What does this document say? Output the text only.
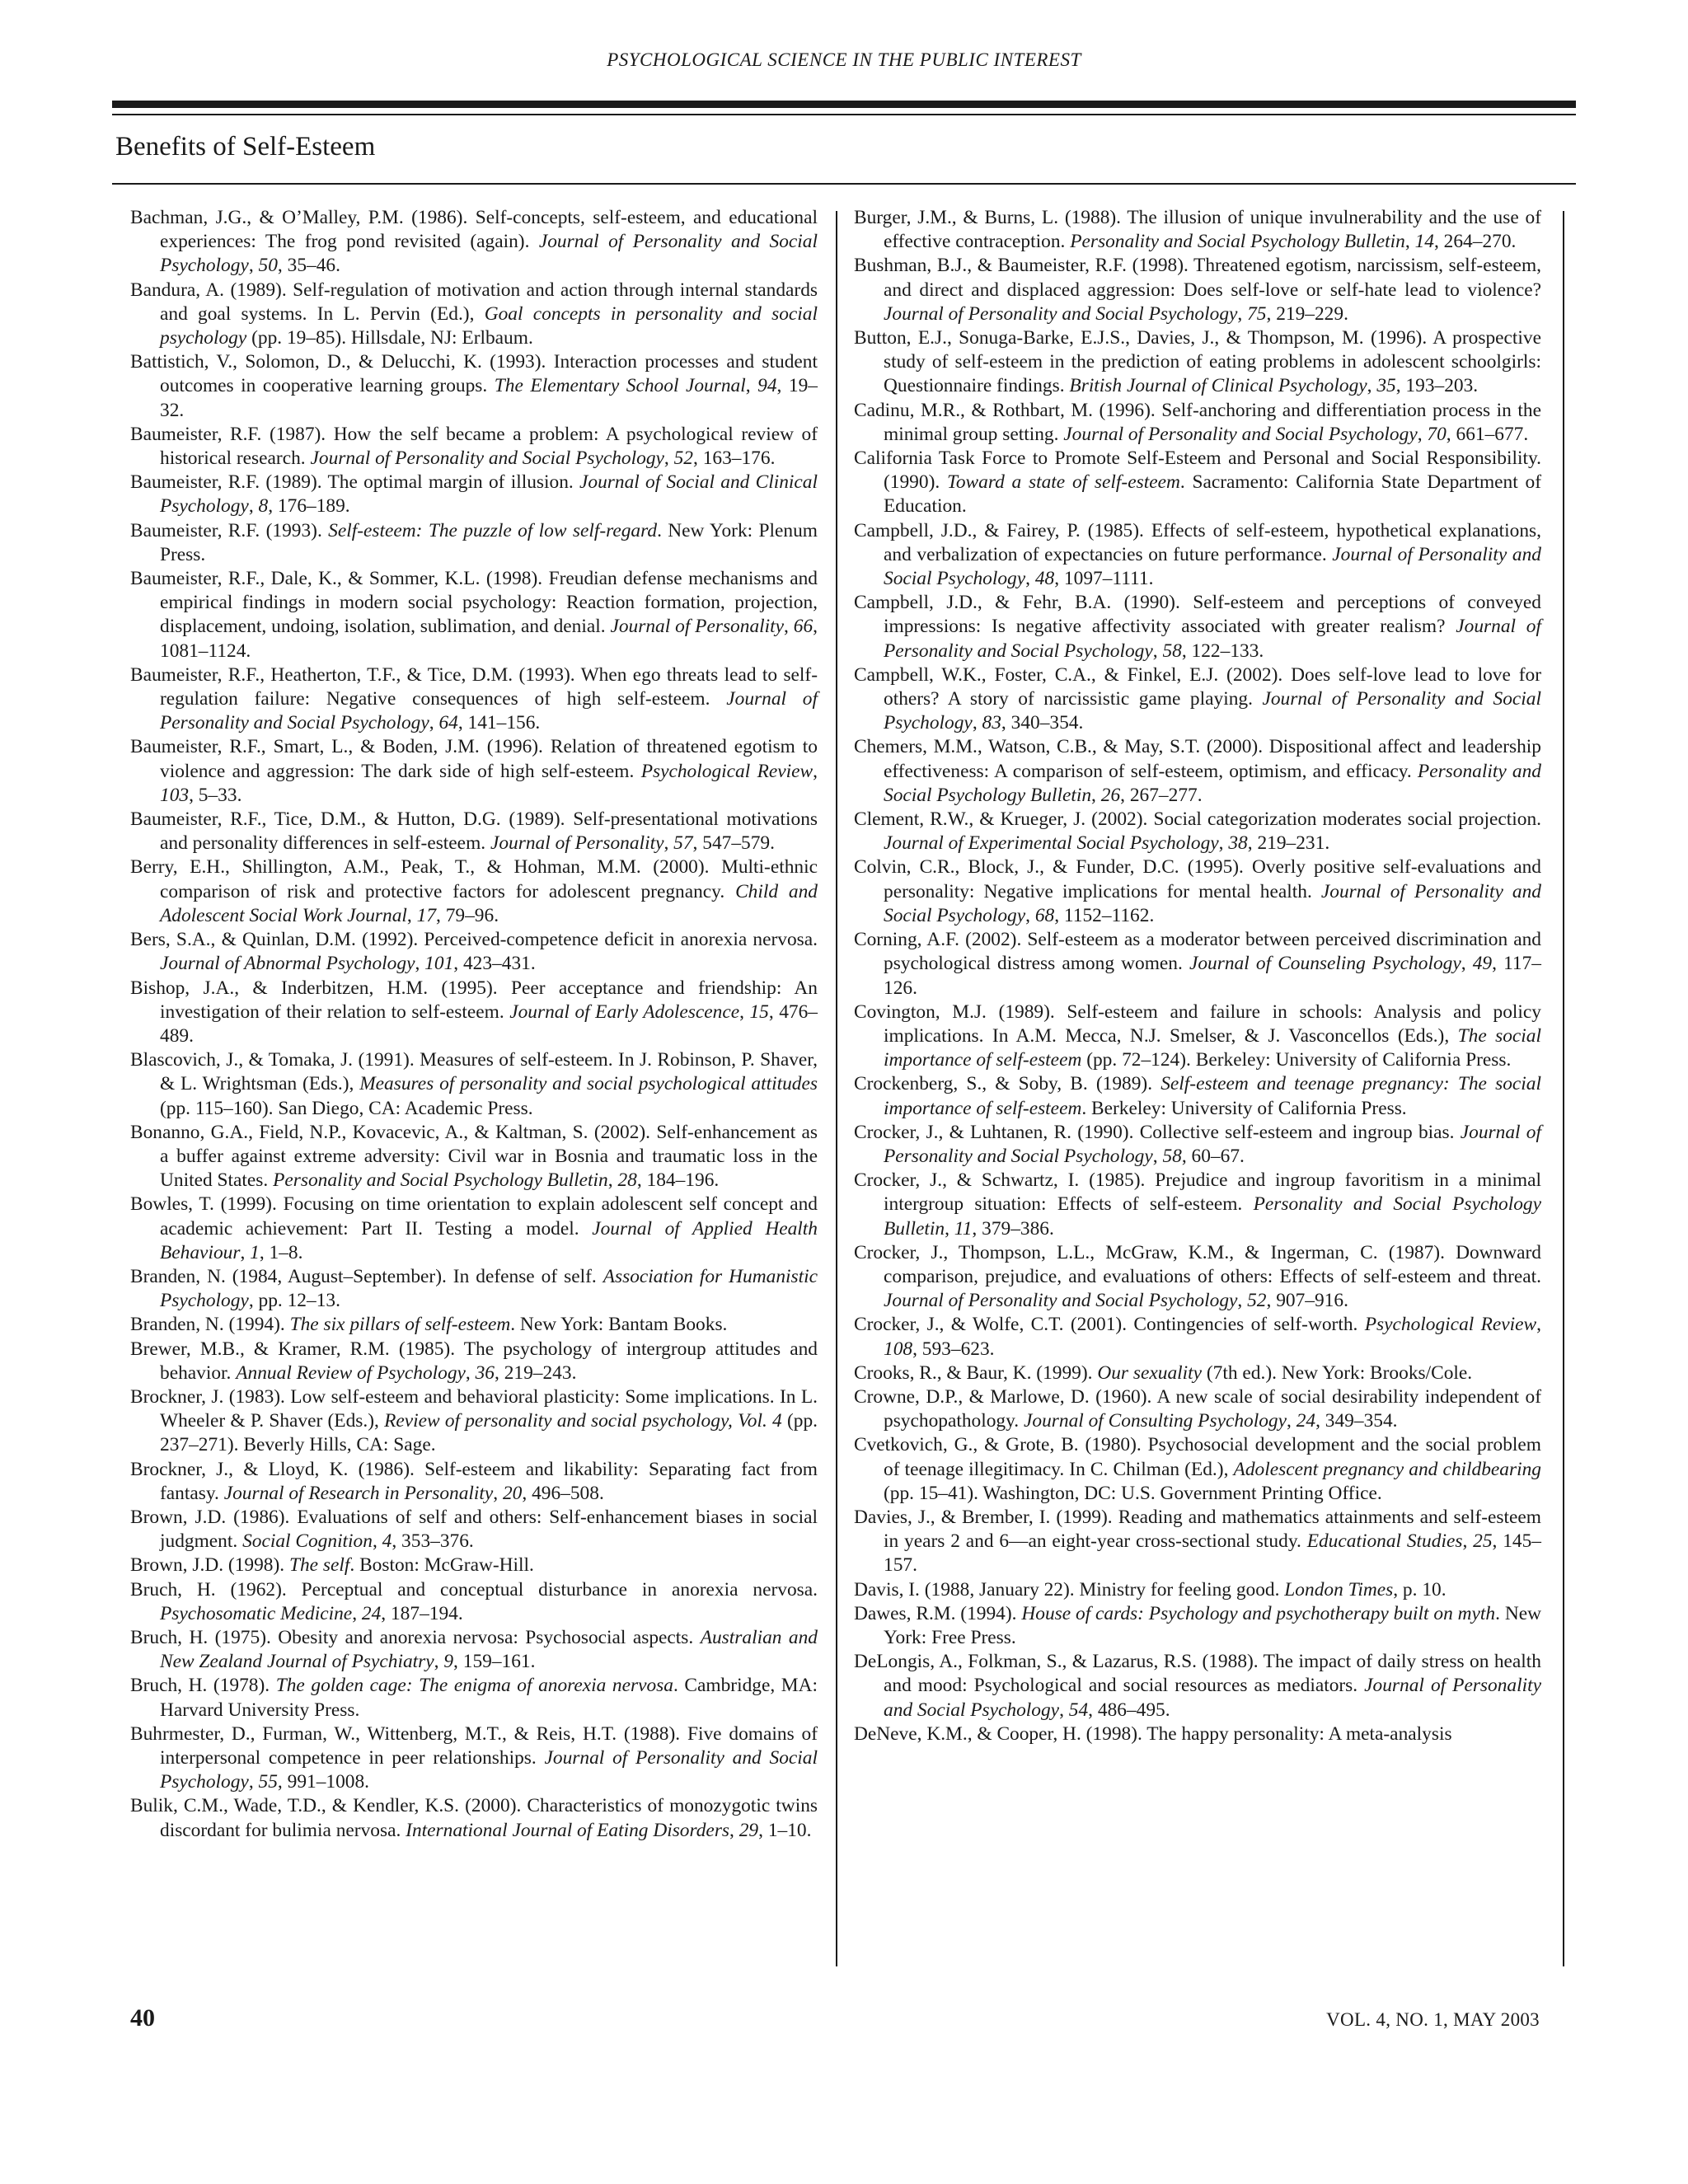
PSYCHOLOGICAL SCIENCE IN THE PUBLIC INTEREST
Benefits of Self-Esteem

Bachman, J.G., & O’Malley, P.M. (1986). Self-concepts, self-esteem, and educational experiences: The frog pond revisited (again). Journal of Personality and Social Psychology, 50, 35–46.

Bandura, A. (1989). Self-regulation of motivation and action through internal standards and goal systems. In L. Pervin (Ed.), Goal concepts in personality and social psychology (pp. 19–85). Hillsdale, NJ: Erlbaum.

Battistich, V., Solomon, D., & Delucchi, K. (1993). Interaction processes and student outcomes in cooperative learning groups. The Elementary School Journal, 94, 19–32.

Baumeister, R.F. (1987). How the self became a problem: A psychological review of historical research. Journal of Personality and Social Psychology, 52, 163–176.

Baumeister, R.F. (1989). The optimal margin of illusion. Journal of Social and Clinical Psychology, 8, 176–189.

Baumeister, R.F. (1993). Self-esteem: The puzzle of low self-regard. New York: Plenum Press.

Baumeister, R.F., Dale, K., & Sommer, K.L. (1998). Freudian defense mechanisms and empirical findings in modern social psychology: Reaction formation, projection, displacement, undoing, isolation, sublimation, and denial. Journal of Personality, 66, 1081–1124.

Baumeister, R.F., Heatherton, T.F., & Tice, D.M. (1993). When ego threats lead to self-regulation failure: Negative consequences of high self-esteem. Journal of Personality and Social Psychology, 64, 141–156.

Baumeister, R.F., Smart, L., & Boden, J.M. (1996). Relation of threatened egotism to violence and aggression: The dark side of high self-esteem. Psychological Review, 103, 5–33.

Baumeister, R.F., Tice, D.M., & Hutton, D.G. (1989). Self-presentational motivations and personality differences in self-esteem. Journal of Personality, 57, 547–579.

Berry, E.H., Shillington, A.M., Peak, T., & Hohman, M.M. (2000). Multi-ethnic comparison of risk and protective factors for adolescent pregnancy. Child and Adolescent Social Work Journal, 17, 79–96.

Bers, S.A., & Quinlan, D.M. (1992). Perceived-competence deficit in anorexia nervosa. Journal of Abnormal Psychology, 101, 423–431.

Bishop, J.A., & Inderbitzen, H.M. (1995). Peer acceptance and friendship: An investigation of their relation to self-esteem. Journal of Early Adolescence, 15, 476–489.

Blascovich, J., & Tomaka, J. (1991). Measures of self-esteem. In J. Robinson, P. Shaver, & L. Wrightsman (Eds.), Measures of personality and social psychological attitudes (pp. 115–160). San Diego, CA: Academic Press.

Bonanno, G.A., Field, N.P., Kovacevic, A., & Kaltman, S. (2002). Self-enhancement as a buffer against extreme adversity: Civil war in Bosnia and traumatic loss in the United States. Personality and Social Psychology Bulletin, 28, 184–196.

Bowles, T. (1999). Focusing on time orientation to explain adolescent self concept and academic achievement: Part II. Testing a model. Journal of Applied Health Behaviour, 1, 1–8.

Branden, N. (1984, August–September). In defense of self. Association for Humanistic Psychology, pp. 12–13.

Branden, N. (1994). The six pillars of self-esteem. New York: Bantam Books.

Brewer, M.B., & Kramer, R.M. (1985). The psychology of intergroup attitudes and behavior. Annual Review of Psychology, 36, 219–243.

Brockner, J. (1983). Low self-esteem and behavioral plasticity: Some implications. In L. Wheeler & P. Shaver (Eds.), Review of personality and social psychology, Vol. 4 (pp. 237–271). Beverly Hills, CA: Sage.

Brockner, J., & Lloyd, K. (1986). Self-esteem and likability: Separating fact from fantasy. Journal of Research in Personality, 20, 496–508.

Brown, J.D. (1986). Evaluations of self and others: Self-enhancement biases in social judgment. Social Cognition, 4, 353–376.

Brown, J.D. (1998). The self. Boston: McGraw-Hill.

Bruch, H. (1962). Perceptual and conceptual disturbance in anorexia nervosa. Psychosomatic Medicine, 24, 187–194.

Bruch, H. (1975). Obesity and anorexia nervosa: Psychosocial aspects. Australian and New Zealand Journal of Psychiatry, 9, 159–161.

Bruch, H. (1978). The golden cage: The enigma of anorexia nervosa. Cambridge, MA: Harvard University Press.

Buhrmester, D., Furman, W., Wittenberg, M.T., & Reis, H.T. (1988). Five domains of interpersonal competence in peer relationships. Journal of Personality and Social Psychology, 55, 991–1008.

Bulik, C.M., Wade, T.D., & Kendler, K.S. (2000). Characteristics of monozygotic twins discordant for bulimia nervosa. International Journal of Eating Disorders, 29, 1–10.

Burger, J.M., & Burns, L. (1988). The illusion of unique invulnerability and the use of effective contraception. Personality and Social Psychology Bulletin, 14, 264–270.

Bushman, B.J., & Baumeister, R.F. (1998). Threatened egotism, narcissism, self-esteem, and direct and displaced aggression: Does self-love or self-hate lead to violence? Journal of Personality and Social Psychology, 75, 219–229.

Button, E.J., Sonuga-Barke, E.J.S., Davies, J., & Thompson, M. (1996). A prospective study of self-esteem in the prediction of eating problems in adolescent schoolgirls: Questionnaire findings. British Journal of Clinical Psychology, 35, 193–203.

Cadinu, M.R., & Rothbart, M. (1996). Self-anchoring and differentiation process in the minimal group setting. Journal of Personality and Social Psychology, 70, 661–677.

California Task Force to Promote Self-Esteem and Personal and Social Responsibility. (1990). Toward a state of self-esteem. Sacramento: California State Department of Education.

Campbell, J.D., & Fairey, P. (1985). Effects of self-esteem, hypothetical explanations, and verbalization of expectancies on future performance. Journal of Personality and Social Psychology, 48, 1097–1111.

Campbell, J.D., & Fehr, B.A. (1990). Self-esteem and perceptions of conveyed impressions: Is negative affectivity associated with greater realism? Journal of Personality and Social Psychology, 58, 122–133.

Campbell, W.K., Foster, C.A., & Finkel, E.J. (2002). Does self-love lead to love for others? A story of narcissistic game playing. Journal of Personality and Social Psychology, 83, 340–354.

Chemers, M.M., Watson, C.B., & May, S.T. (2000). Dispositional affect and leadership effectiveness: A comparison of self-esteem, optimism, and efficacy. Personality and Social Psychology Bulletin, 26, 267–277.

Clement, R.W., & Krueger, J. (2002). Social categorization moderates social projection. Journal of Experimental Social Psychology, 38, 219–231.

Colvin, C.R., Block, J., & Funder, D.C. (1995). Overly positive self-evaluations and personality: Negative implications for mental health. Journal of Personality and Social Psychology, 68, 1152–1162.

Corning, A.F. (2002). Self-esteem as a moderator between perceived discrimination and psychological distress among women. Journal of Counseling Psychology, 49, 117–126.

Covington, M.J. (1989). Self-esteem and failure in schools: Analysis and policy implications. In A.M. Mecca, N.J. Smelser, & J. Vasconcellos (Eds.), The social importance of self-esteem (pp. 72–124). Berkeley: University of California Press.

Crockenberg, S., & Soby, B. (1989). Self-esteem and teenage pregnancy: The social importance of self-esteem. Berkeley: University of California Press.

Crocker, J., & Luhtanen, R. (1990). Collective self-esteem and ingroup bias. Journal of Personality and Social Psychology, 58, 60–67.

Crocker, J., & Schwartz, I. (1985). Prejudice and ingroup favoritism in a minimal intergroup situation: Effects of self-esteem. Personality and Social Psychology Bulletin, 11, 379–386.

Crocker, J., Thompson, L.L., McGraw, K.M., & Ingerman, C. (1987). Downward comparison, prejudice, and evaluations of others: Effects of self-esteem and threat. Journal of Personality and Social Psychology, 52, 907–916.

Crocker, J., & Wolfe, C.T. (2001). Contingencies of self-worth. Psychological Review, 108, 593–623.

Crooks, R., & Baur, K. (1999). Our sexuality (7th ed.). New York: Brooks/Cole.

Crowne, D.P., & Marlowe, D. (1960). A new scale of social desirability independent of psychopathology. Journal of Consulting Psychology, 24, 349–354.

Cvetkovich, G., & Grote, B. (1980). Psychosocial development and the social problem of teenage illegitimacy. In C. Chilman (Ed.), Adolescent pregnancy and childbearing (pp. 15–41). Washington, DC: U.S. Government Printing Office.

Davies, J., & Brember, I. (1999). Reading and mathematics attainments and self-esteem in years 2 and 6—an eight-year cross-sectional study. Educational Studies, 25, 145–157.

Davis, I. (1988, January 22). Ministry for feeling good. London Times, p. 10.

Dawes, R.M. (1994). House of cards: Psychology and psychotherapy built on myth. New York: Free Press.

DeLongis, A., Folkman, S., & Lazarus, R.S. (1988). The impact of daily stress on health and mood: Psychological and social resources as mediators. Journal of Personality and Social Psychology, 54, 486–495.

DeNeve, K.M., & Cooper, H. (1998). The happy personality: A meta-analysis

40	VOL. 4, NO. 1, MAY 2003
